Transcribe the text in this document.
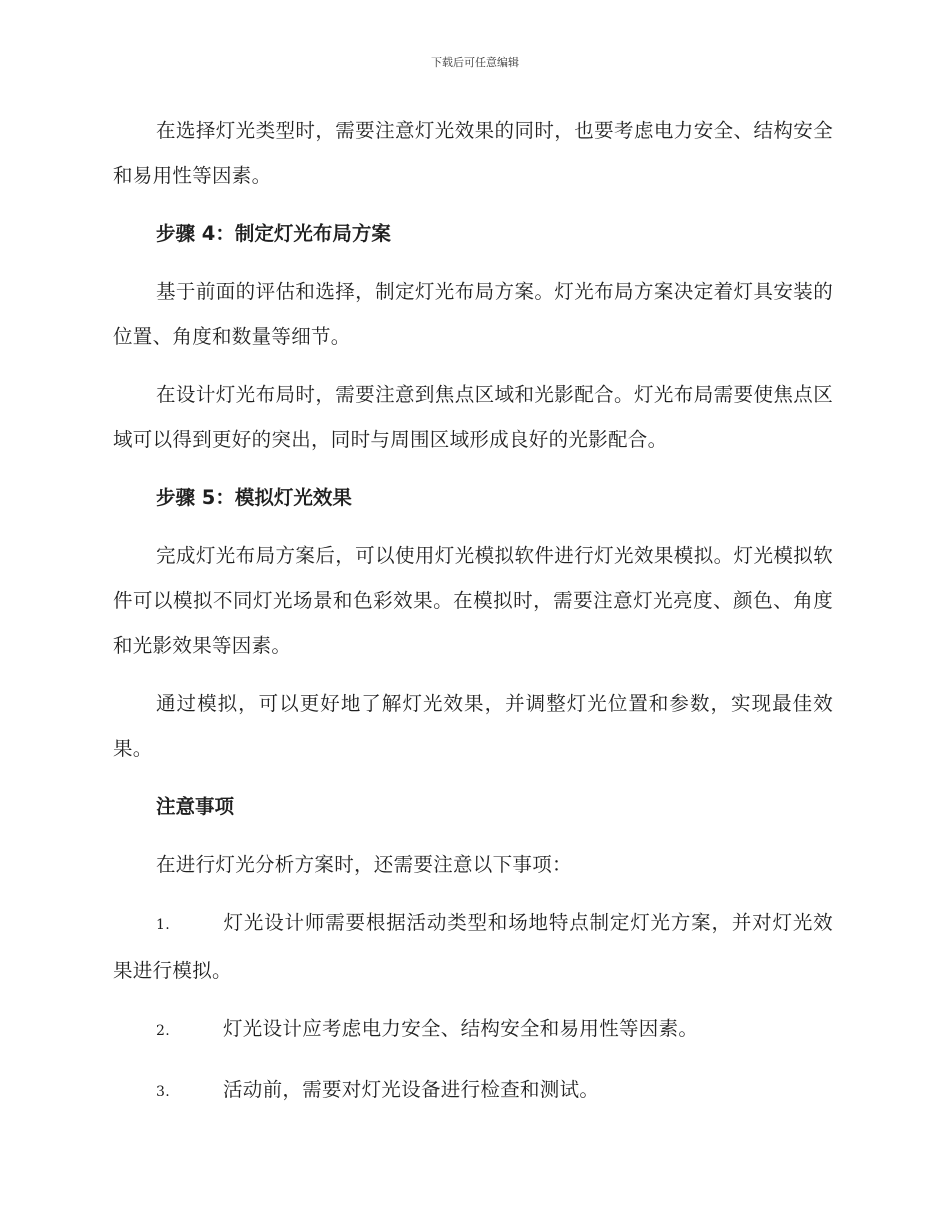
下载后可任意编辑

在选择灯光类型时，需要注意灯光效果的同时，也要考虑电力安全、结构安全和易用性等因素。

步骤 4：制定灯光布局方案

基于前面的评估和选择，制定灯光布局方案。灯光布局方案决定着灯具安装的位置、角度和数量等细节。

在设计灯光布局时，需要注意到焦点区域和光影配合。灯光布局需要使焦点区域可以得到更好的突出，同时与周围区域形成良好的光影配合。

步骤 5：模拟灯光效果

完成灯光布局方案后，可以使用灯光模拟软件进行灯光效果模拟。灯光模拟软件可以模拟不同灯光场景和色彩效果。在模拟时，需要注意灯光亮度、颜色、角度和光影效果等因素。

通过模拟，可以更好地了解灯光效果，并调整灯光位置和参数，实现最佳效果。

注意事项

在进行灯光分析方案时，还需要注意以下事项：

1.	灯光设计师需要根据活动类型和场地特点制定灯光方案，并对灯光效果进行模拟。

2.	灯光设计应考虑电力安全、结构安全和易用性等因素。

3.	活动前，需要对灯光设备进行检查和测试。
